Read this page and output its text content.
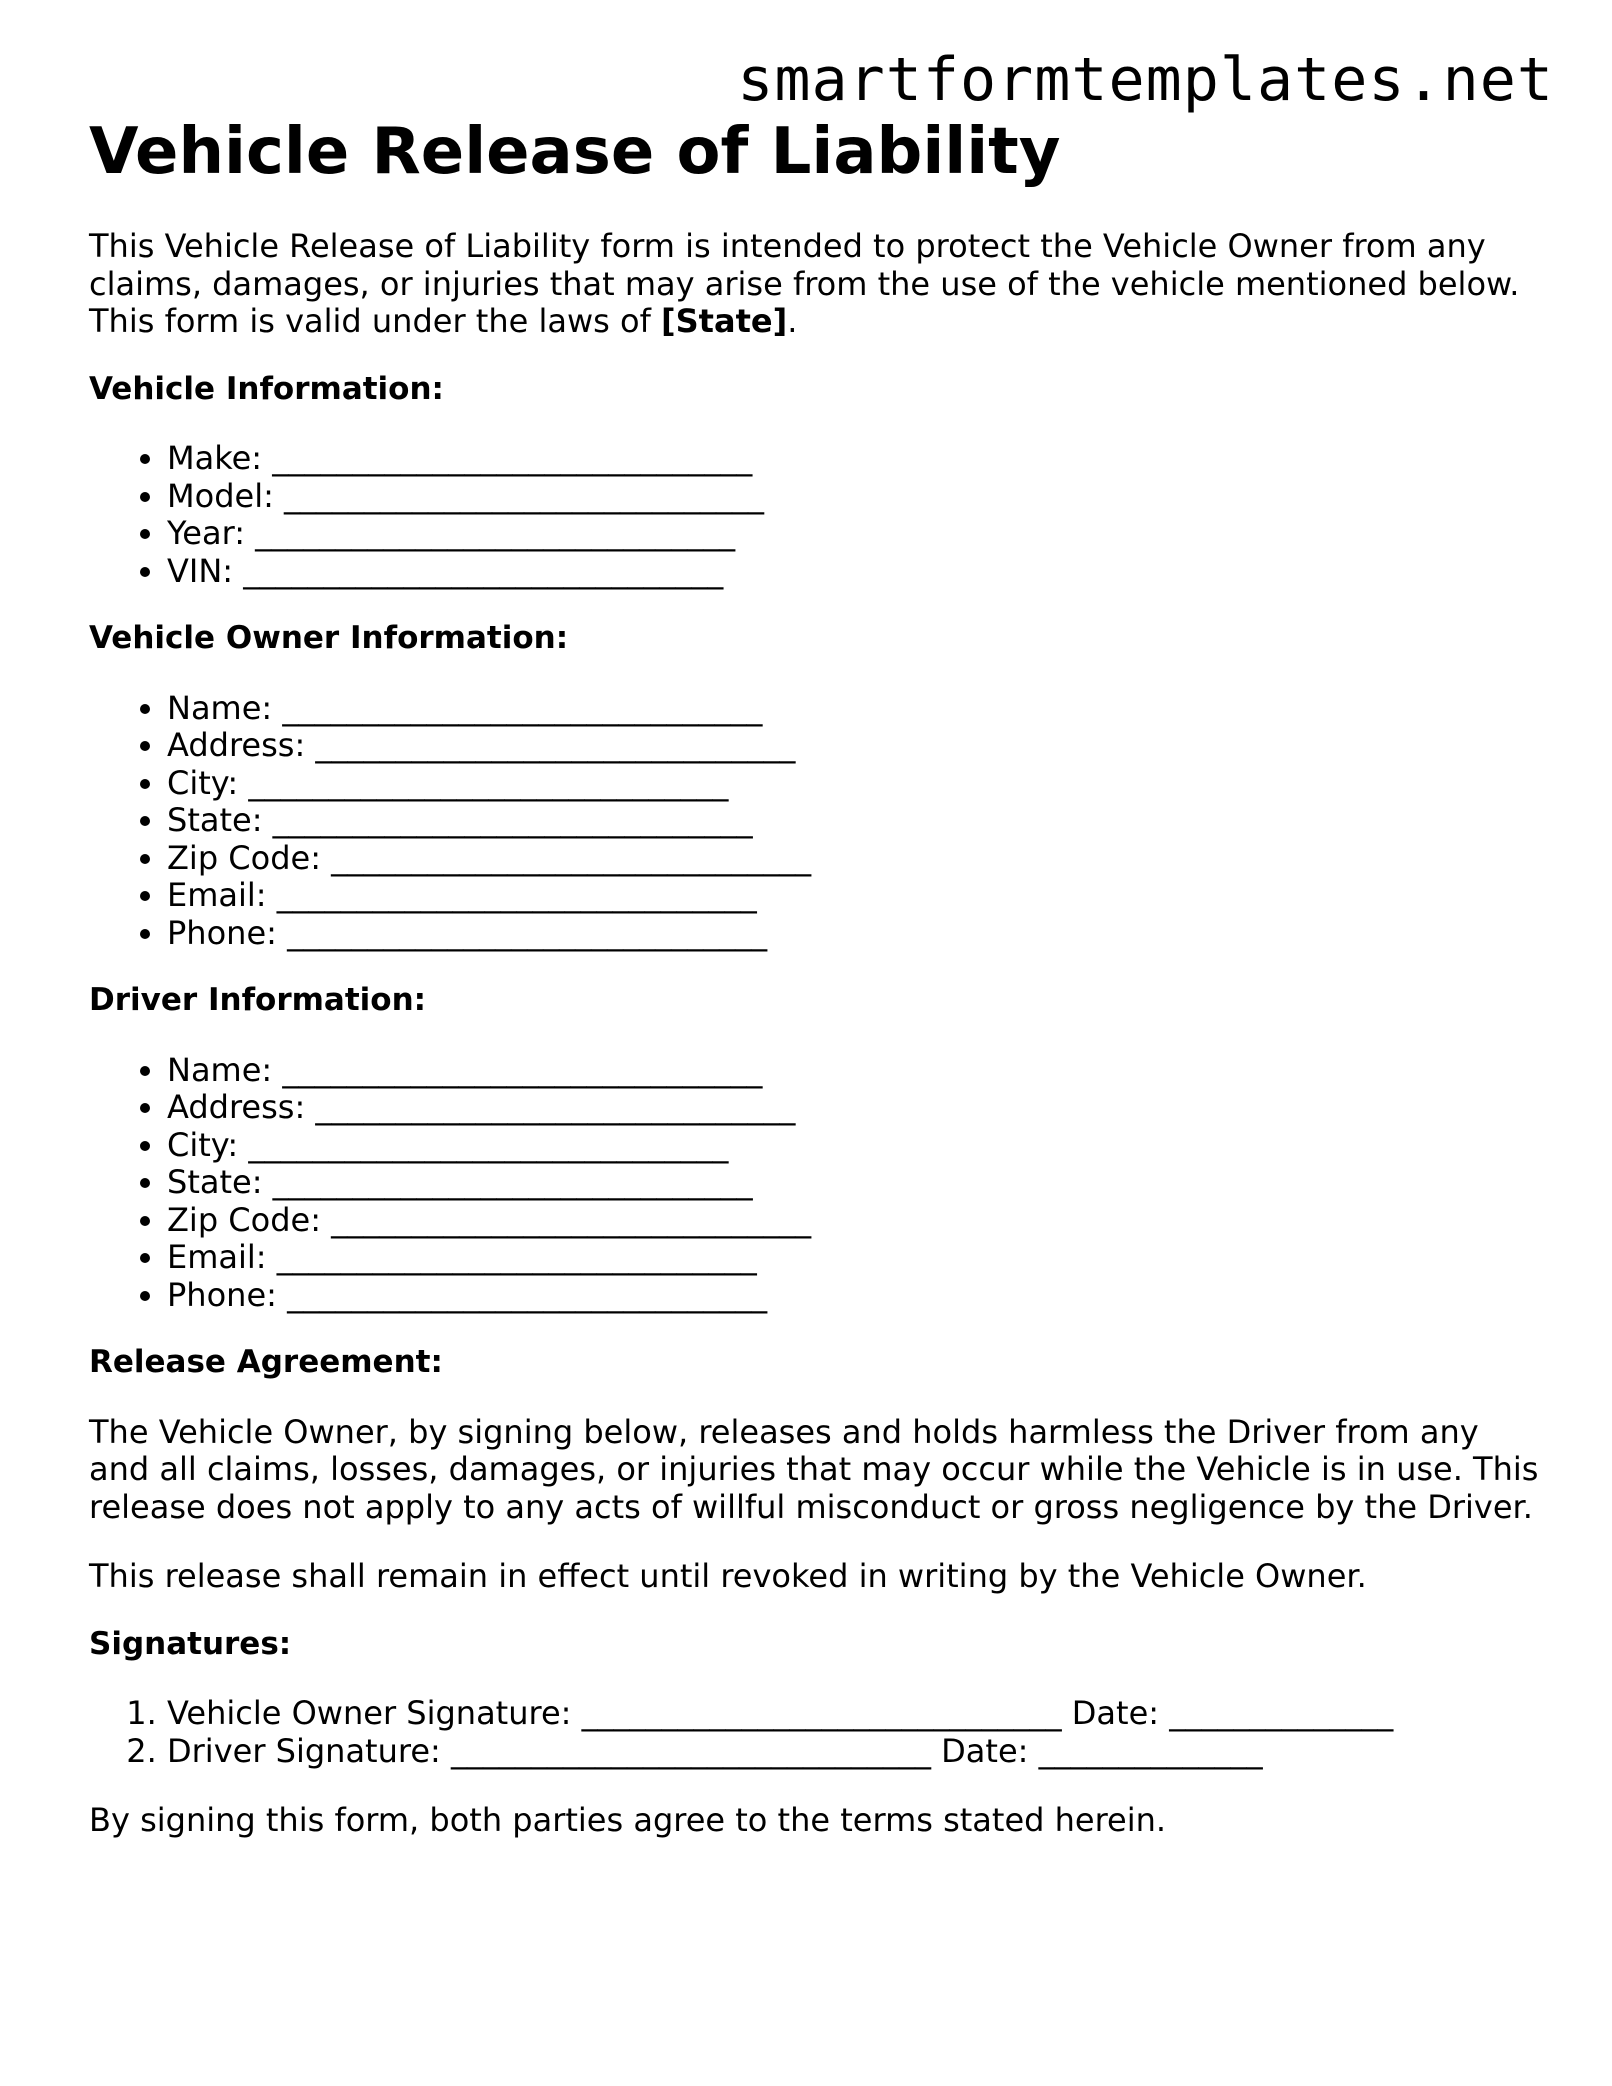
smartformtemplates.net
Vehicle Release of Liability

This Vehicle Release of Liability form is intended to protect the Vehicle Owner from any claims, damages, or injuries that may arise from the use of the vehicle mentioned below. This form is valid under the laws of [State].

Vehicle Information:
• Make: ______________________________
• Model: ______________________________
• Year: ______________________________
• VIN: ______________________________
Vehicle Owner Information:
• Name: ______________________________
• Address: ______________________________
• City: ______________________________
• State: ______________________________
• Zip Code: ______________________________
• Email: ______________________________
• Phone: ______________________________
Driver Information:
• Name: ______________________________
• Address: ______________________________
• City: ______________________________
• State: ______________________________
• Zip Code: ______________________________
• Email: ______________________________
• Phone: ______________________________
Release Agreement:

The Vehicle Owner, by signing below, releases and holds harmless the Driver from any and all claims, losses, damages, or injuries that may occur while the Vehicle is in use. This release does not apply to any acts of willful misconduct or gross negligence by the Driver.

This release shall remain in effect until revoked in writing by the Vehicle Owner.

Signatures:
1. Vehicle Owner Signature: ______________________________ Date: ______________
2. Driver Signature: ______________________________ Date: ______________

By signing this form, both parties agree to the terms stated herein.
